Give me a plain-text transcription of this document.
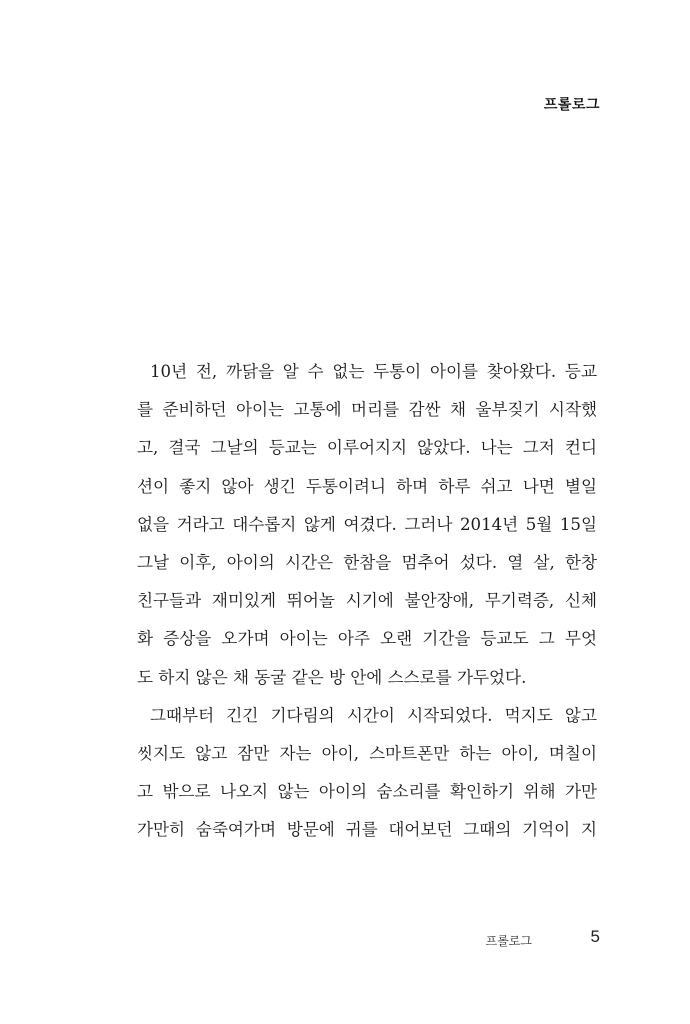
프롤로그
10년 전, 까닭을 알 수 없는 두통이 아이를 찾아왔다. 등교
를 준비하던 아이는 고통에 머리를 감싼 채 울부짖기 시작했
고, 결국 그날의 등교는 이루어지지 않았다. 나는 그저 컨디
션이 좋지 않아 생긴 두통이려니 하며 하루 쉬고 나면 별일
없을 거라고 대수롭지 않게 여겼다. 그러나 2014년 5월 15일
그날 이후, 아이의 시간은 한참을 멈추어 섰다. 열 살, 한창
친구들과 재미있게 뛰어놀 시기에 불안장애, 무기력증, 신체
화 증상을 오가며 아이는 아주 오랜 기간을 등교도 그 무엇
도 하지 않은 채 동굴 같은 방 안에 스스로를 가두었다.
그때부터 긴긴 기다림의 시간이 시작되었다. 먹지도 않고
씻지도 않고 잠만 자는 아이, 스마트폰만 하는 아이, 며칠이
고 밖으로 나오지 않는 아이의 숨소리를 확인하기 위해 가만
가만히 숨죽여가며 방문에 귀를 대어보던 그때의 기억이 지
프롤로그	5
